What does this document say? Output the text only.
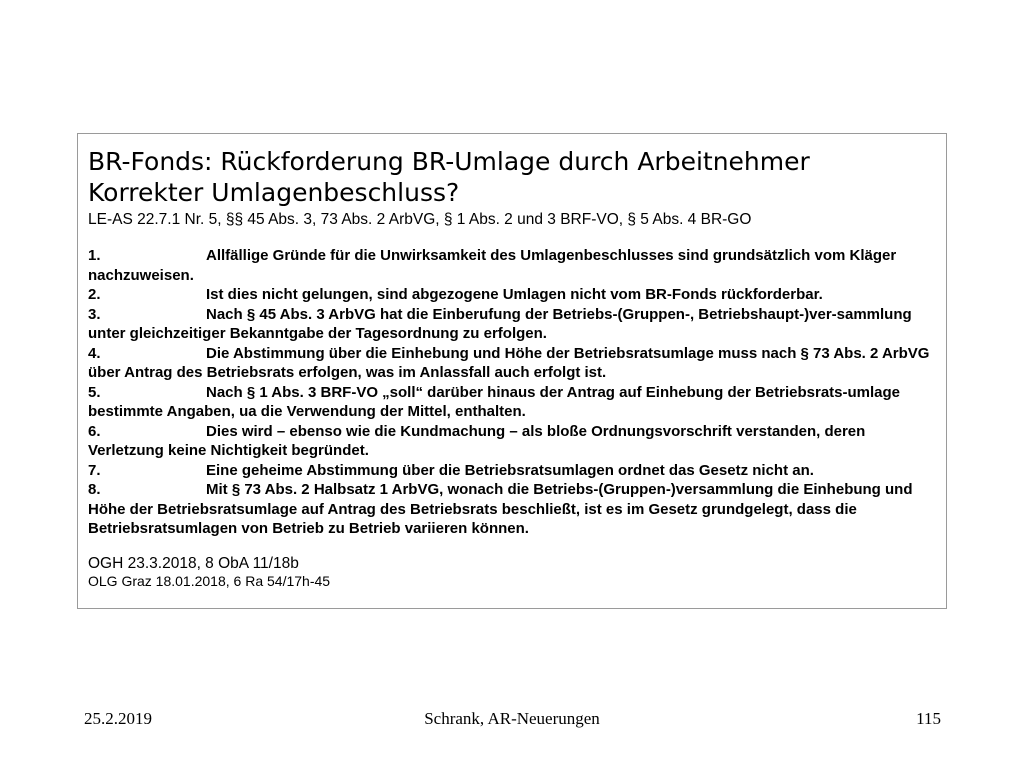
BR-Fonds: Rückforderung BR-Umlage durch Arbeitnehmer
Korrekter Umlagenbeschluss?
LE-AS 22.7.1 Nr. 5, §§ 45 Abs. 3, 73 Abs. 2 ArbVG, § 1 Abs. 2 und 3 BRF-VO, § 5 Abs. 4 BR-GO
1.	Allfällige Gründe für die Unwirksamkeit des Umlagenbeschlusses sind grundsätzlich vom Kläger nachzuweisen.
2.	Ist dies nicht gelungen, sind abgezogene Umlagen nicht vom BR-Fonds rückforderbar.
3.	Nach § 45 Abs. 3 ArbVG hat die Einberufung der Betriebs-(Gruppen-, Betriebshaupt-)ver-sammlung unter gleichzeitiger Bekanntgabe der Tagesordnung zu erfolgen.
4.	Die Abstimmung über die Einhebung und Höhe der Betriebsratsumlage muss nach § 73 Abs. 2 ArbVG über Antrag des Betriebsrats erfolgen, was im Anlassfall auch erfolgt ist.
5.	Nach § 1 Abs. 3 BRF-VO „soll“ darüber hinaus der Antrag auf Einhebung der Betriebsrats-umlage bestimmte Angaben, ua die Verwendung der Mittel, enthalten.
6.	Dies wird – ebenso wie die Kundmachung – als bloße Ordnungsvorschrift verstanden, deren Verletzung keine Nichtigkeit begründet.
7.	Eine geheime Abstimmung über die Betriebsratsumlagen ordnet das Gesetz nicht an.
8.	Mit § 73 Abs. 2 Halbsatz 1 ArbVG, wonach die Betriebs-(Gruppen-)versammlung die Einhebung und Höhe der Betriebsratsumlage auf Antrag des Betriebsrats beschließt, ist es im Gesetz grundgelegt, dass die Betriebsratsumlagen von Betrieb zu Betrieb variieren können.
OGH 23.3.2018, 8 ObA 11/18b
OLG Graz 18.01.2018, 6 Ra 54/17h-45
25.2.2019	Schrank, AR-Neuerungen	115
